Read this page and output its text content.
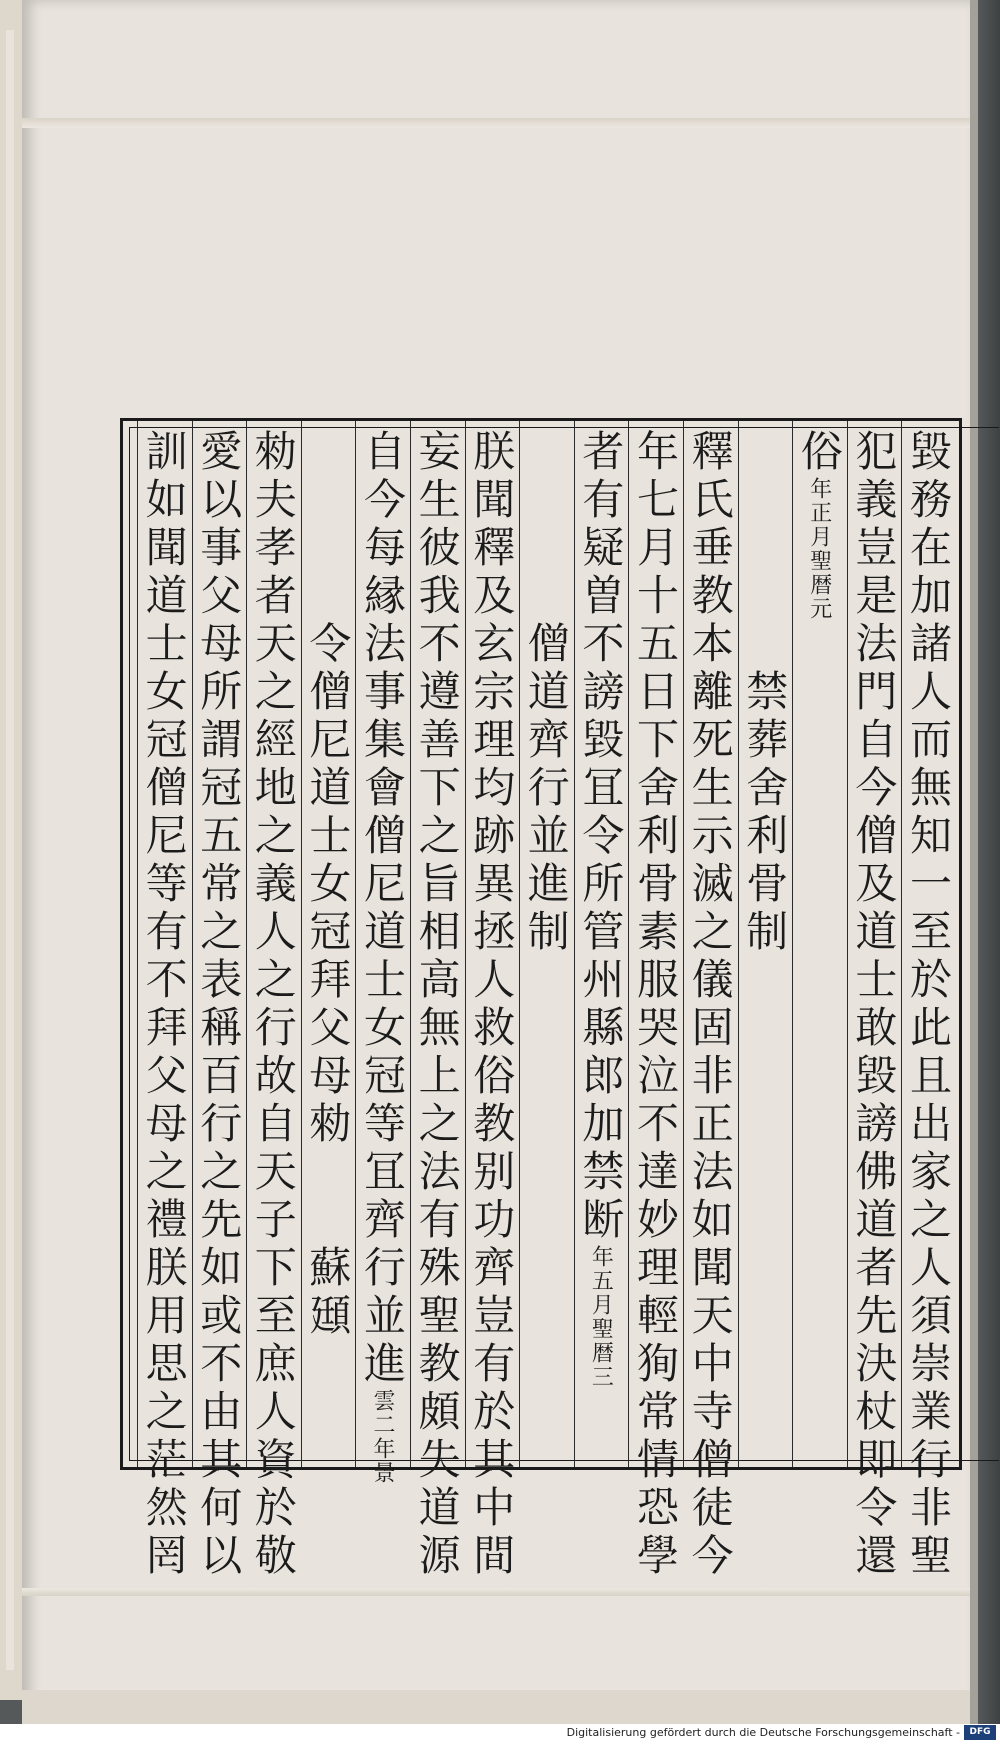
毀務在加諸人而無知一至於此且出家之人須崇業行非聖
犯義豈是法門自今僧及道士敢毀謗佛道者先決杖即令還
俗
聖暦元
年正月
禁葬舍利骨制
釋氏垂教本離死生示滅之儀固非正法如聞天中寺僧徒今
年七月十五日下舍利骨素服哭泣不達妙理輕狥常情恐學
者有疑曽不謗毀冝令所管州縣郎加禁断
聖暦三
年五月
僧道齊行並進制
朕聞釋及玄宗理均跡異拯人救俗教别功齊豈有於其中間
妄生彼我不遵善下之旨相高無上之法有殊聖教頗失道源
自今每縁法事集會僧尼道士女冠等冝齊行並進
景
雲二年
令僧尼道士女冠拜父母勑　　蘇頲
勑夫孝者天之經地之義人之行故自天子下至庶人資於敬
愛以事父母所謂冠五常之表稱百行之先如或不由其何以
訓如聞道士女冠僧尼等有不拜父母之禮朕用思之茫然罔
Digitalisierung gefördert durch die Deutsche Forschungsgemeinschaft -	DFG
